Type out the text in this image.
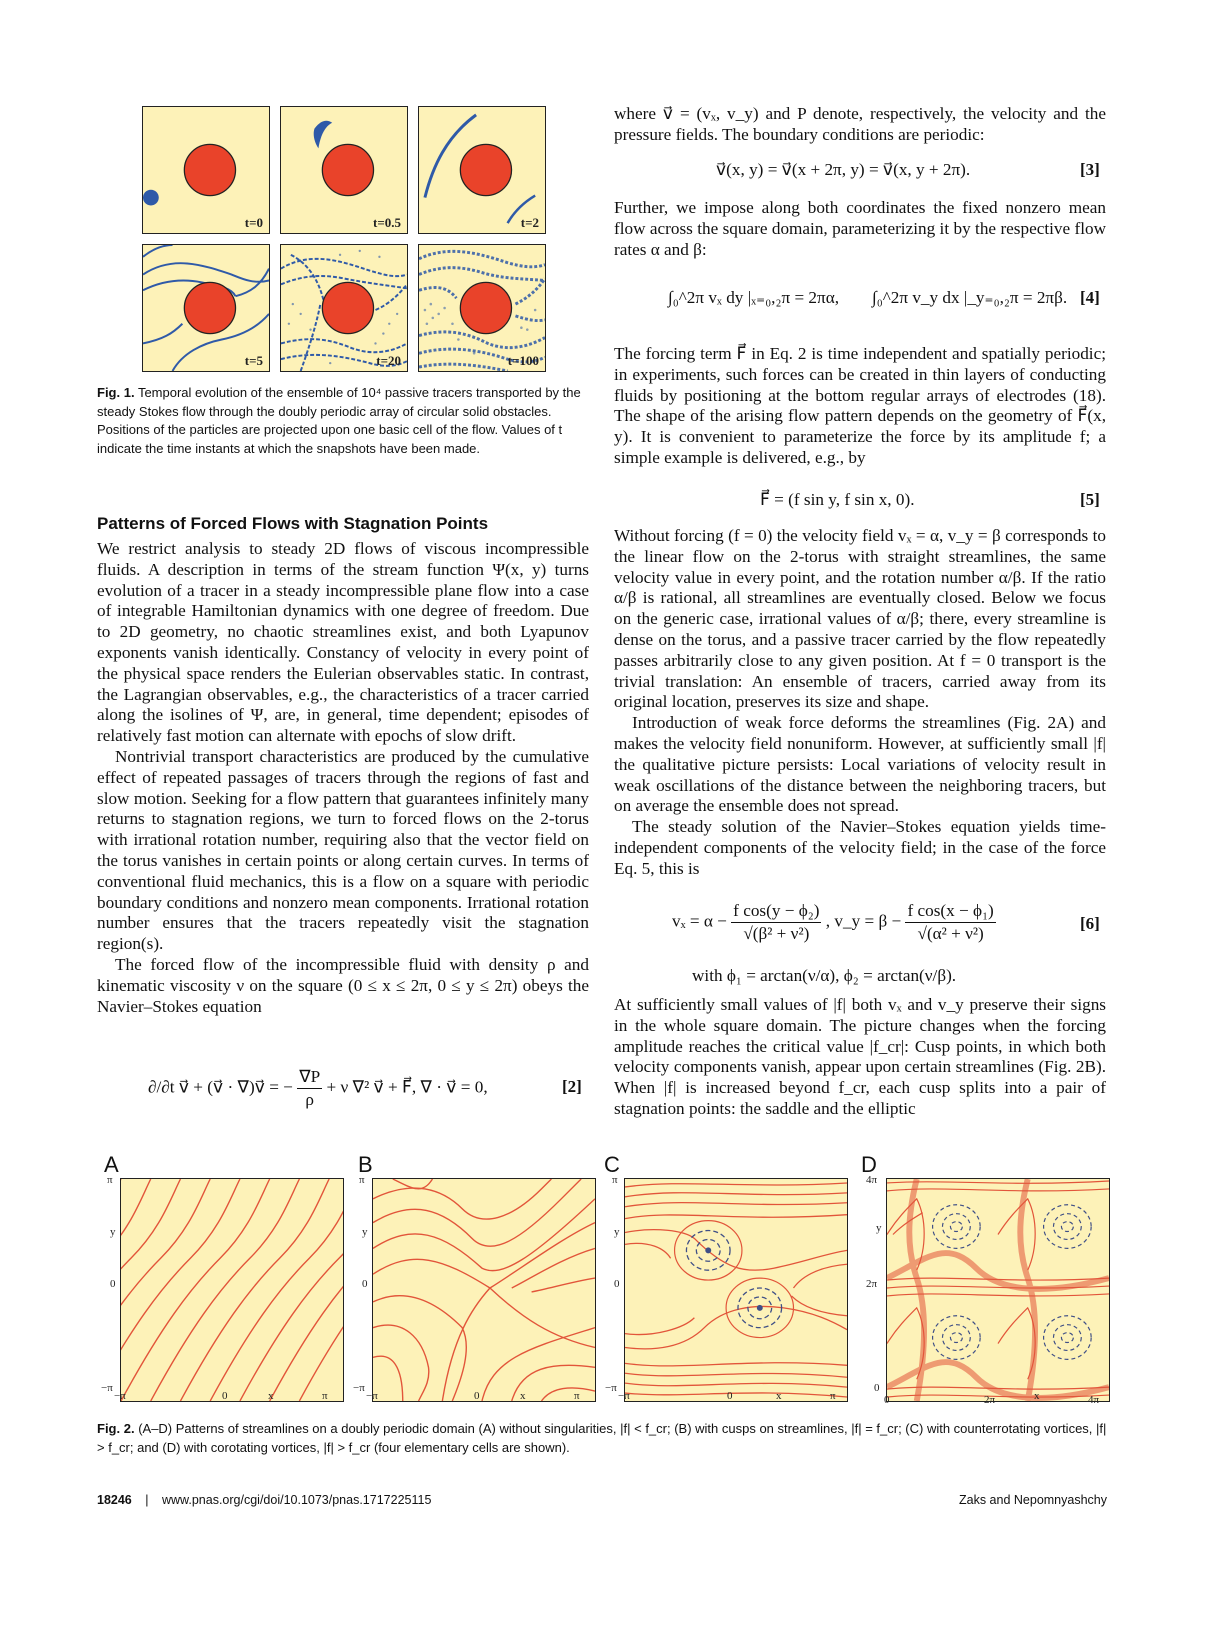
t=0	t=0.5	t=2
t=5	t=20	t=100
Fig. 1. Temporal evolution of the ensemble of 10⁴ passive tracers transported by the steady Stokes flow through the doubly periodic array of circular solid obstacles. Positions of the particles are projected upon one basic cell of the flow. Values of t indicate the time instants at which the snapshots have been made.
Patterns of Forced Flows with Stagnation Points

We restrict analysis to steady 2D flows of viscous incompressible fluids. A description in terms of the stream function Ψ(x, y) turns evolution of a tracer in a steady incompressible plane flow into a case of integrable Hamiltonian dynamics with one degree of freedom. Due to 2D geometry, no chaotic streamlines exist, and both Lyapunov exponents vanish identically. Constancy of velocity in every point of the physical space renders the Eulerian observables static. In contrast, the Lagrangian observables, e.g., the characteristics of a tracer carried along the isolines of Ψ, are, in general, time dependent; episodes of relatively fast motion can alternate with epochs of slow drift.

Nontrivial transport characteristics are produced by the cumulative effect of repeated passages of tracers through the regions of fast and slow motion. Seeking for a flow pattern that guarantees infinitely many returns to stagnation regions, we turn to forced flows on the 2-torus with irrational rotation number, requiring also that the vector field on the torus vanishes in certain points or along certain curves. In terms of conventional fluid mechanics, this is a flow on a square with periodic boundary conditions and nonzero mean components. Irrational rotation number ensures that the tracers repeatedly visit the stagnation region(s).

The forced flow of the incompressible fluid with density ρ and kinematic viscosity ν on the square (0 ≤ x ≤ 2π, 0 ≤ y ≤ 2π) obeys the Navier–Stokes equation

∂/∂t v⃗ + (v⃗ · ∇)v⃗ = − $\frac{\nabla P}{\rho} + \nu$ ∇² v⃗ + F⃗, ∇ · v⃗ = 0,	[2]

where v⃗ = (vₓ, v_y) and P denote, respectively, the velocity and the pressure fields. The boundary conditions are periodic:

v⃗(x, y) = v⃗(x + 2π, y) = v⃗(x, y + 2π).	[3]

Further, we impose along both coordinates the fixed nonzero mean flow across the square domain, parameterizing it by the respective flow rates α and β:

∫₀^2π vₓ dy |ₓ₌₀,₂π = 2πα, ∫₀^2π v_y dx |_y₌₀,₂π = 2πβ. [4]

The forcing term F⃗ in Eq. 2 is time independent and spatially periodic; in experiments, such forces can be created in thin layers of conducting fluids by positioning at the bottom regular arrays of electrodes (18). The shape of the arising flow pattern depends on the geometry of F⃗(x, y). It is convenient to parameterize the force by its amplitude f; a simple example is delivered, e.g., by

F⃗ = (f sin y, f sin x, 0).	[5]

Without forcing (f = 0) the velocity field vₓ = α, v_y = β corresponds to the linear flow on the 2-torus with straight streamlines, the same velocity value in every point, and the rotation number α/β. If the ratio α/β is rational, all streamlines are eventually closed. Below we focus on the generic case, irrational values of α/β; there, every streamline is dense on the torus, and a passive tracer carried by the flow repeatedly passes arbitrarily close to any given position. At f = 0 transport is the trivial translation: An ensemble of tracers, carried away from its original location, preserves its size and shape.

Introduction of weak force deforms the streamlines (Fig. 2A) and makes the velocity field nonuniform. However, at sufficiently small |f| the qualitative picture persists: Local variations of velocity result in weak oscillations of the distance between the neighboring tracers, but on average the ensemble does not spread.

The steady solution of the Navier–Stokes equation yields time-independent components of the velocity field; in the case of the force Eq. 5, this is

$v_x = \alpha - \frac{\text{f cos(y − ϕ₂)}}{\text{√(β² + ν²)}}$ , v_y = $\beta - \frac{\text{f cos(x − ϕ₁)}}{\text{√(α² + ν²)}}$	[6]
with ϕ₁ = arctan(ν/α), ϕ₂ = arctan(ν/β).

At sufficiently small values of |f| both vₓ and v_y preserve their signs in the whole square domain. The picture changes when the forcing amplitude reaches the critical value |f_cr|: Cusp points, in which both velocity components vanish, appear upon certain streamlines (Fig. 2B). When |f| is increased beyond f_cr, each cusp splits into a pair of stagnation points: the saddle and the elliptic

A	B	C	D
π
y
0
−π
−π	0	x	π
π
y
0
−π
−π	0	x	π
π
y
0
−π
−π	0	x	π
4π
y
2π
0
0	2π	x	4π
Fig. 2. (A–D) Patterns of streamlines on a doubly periodic domain (A) without singularities, |f| < f_cr; (B) with cusps on streamlines, |f| = f_cr; (C) with counterrotating vortices, |f| > f_cr; and (D) with corotating vortices, |f| > f_cr (four elementary cells are shown).
18246 | www.pnas.org/cgi/doi/10.1073/pnas.1717225115	Zaks and Nepomnyashchy
